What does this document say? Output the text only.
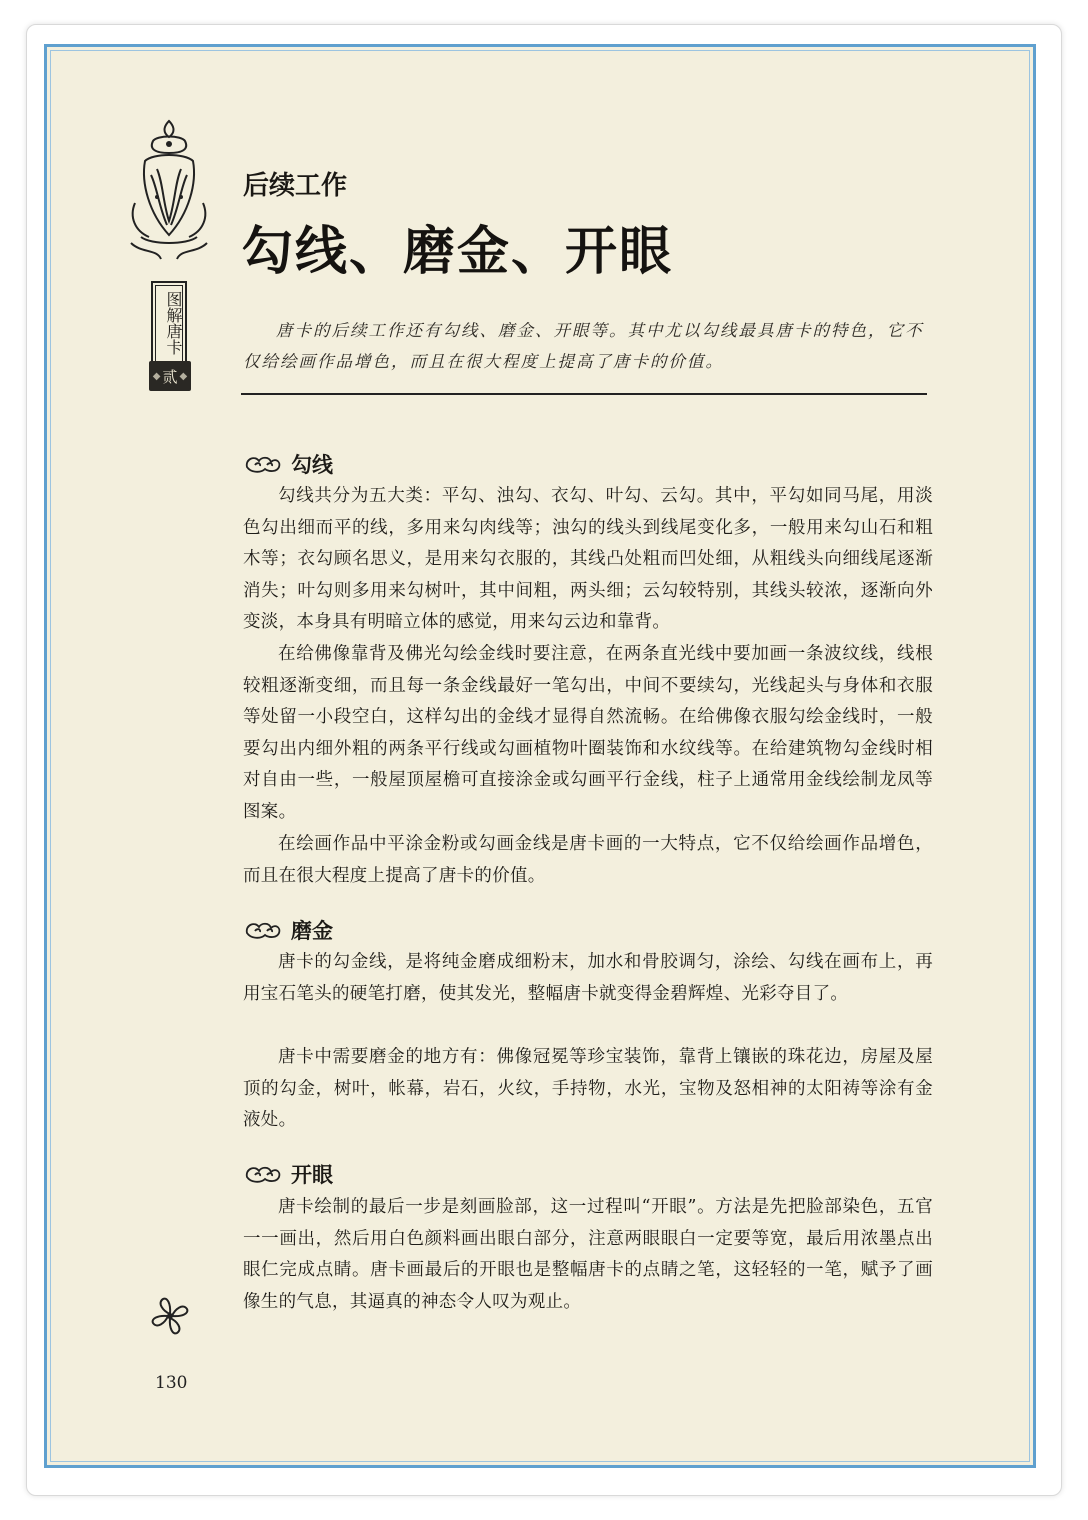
图解唐卡
◆ 贰 ◆
后续工作
勾线、磨金、开眼
唐卡的后续工作还有勾线、磨金、开眼等。其中尤以勾线最具唐卡的特色，它不仅给绘画作品增色，而且在很大程度上提高了唐卡的价值。
勾线
勾线共分为五大类：平勾、浊勾、衣勾、叶勾、云勾。其中，平勾如同马尾，用淡色勾出细而平的线，多用来勾肉线等；浊勾的线头到线尾变化多，一般用来勾山石和粗木等；衣勾顾名思义，是用来勾衣服的，其线凸处粗而凹处细，从粗线头向细线尾逐渐消失；叶勾则多用来勾树叶，其中间粗，两头细；云勾较特别，其线头较浓，逐渐向外变淡，本身具有明暗立体的感觉，用来勾云边和靠背。
在给佛像靠背及佛光勾绘金线时要注意，在两条直光线中要加画一条波纹线，线根较粗逐渐变细，而且每一条金线最好一笔勾出，中间不要续勾，光线起头与身体和衣服等处留一小段空白，这样勾出的金线才显得自然流畅。在给佛像衣服勾绘金线时，一般要勾出内细外粗的两条平行线或勾画植物叶圈装饰和水纹线等。在给建筑物勾金线时相对自由一些，一般屋顶屋檐可直接涂金或勾画平行金线，柱子上通常用金线绘制龙凤等图案。
在绘画作品中平涂金粉或勾画金线是唐卡画的一大特点，它不仅给绘画作品增色，而且在很大程度上提高了唐卡的价值。
磨金
唐卡的勾金线，是将纯金磨成细粉末，加水和骨胶调匀，涂绘、勾线在画布上，再用宝石笔头的硬笔打磨，使其发光，整幅唐卡就变得金碧辉煌、光彩夺目了。
唐卡中需要磨金的地方有：佛像冠冕等珍宝装饰，靠背上镶嵌的珠花边，房屋及屋顶的勾金，树叶，帐幕，岩石，火纹，手持物，水光，宝物及怒相神的太阳祷等涂有金液处。
开眼
唐卡绘制的最后一步是刻画脸部，这一过程叫“开眼”。方法是先把脸部染色，五官一一画出，然后用白色颜料画出眼白部分，注意两眼眼白一定要等宽，最后用浓墨点出眼仁完成点睛。唐卡画最后的开眼也是整幅唐卡的点睛之笔，这轻轻的一笔，赋予了画像生的气息，其逼真的神态令人叹为观止。
130
